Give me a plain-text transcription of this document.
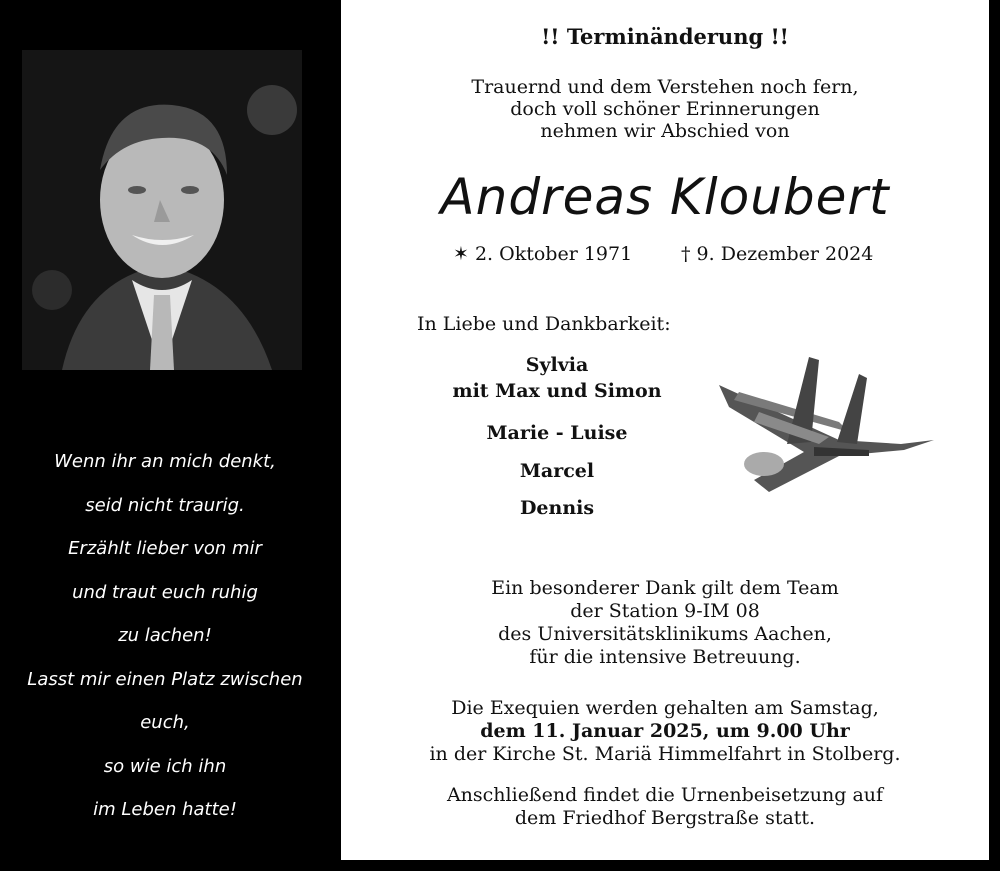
Wenn ihr an mich denkt,
seid nicht traurig.
Erzählt lieber von mir
und traut euch ruhig
zu lachen!
Lasst mir einen Platz zwischen
euch,
so wie ich ihn
im Leben hatte!
!! Terminänderung !!
Trauernd und dem Verstehen noch fern,
doch voll schöner Erinnerungen
nehmen wir Abschied von
Andreas Kloubert
✶ 2. Oktober 1971	† 9. Dezember 2024
In Liebe und Dankbarkeit:
Sylvia
mit Max und Simon
Marie - Luise
Marcel
Dennis
Ein besonderer Dank gilt dem Team
der Station 9-IM 08
des Universitätsklinikums Aachen,
für die intensive Betreuung.
Die Exequien werden gehalten am Samstag,
dem 11. Januar 2025, um 9.00 Uhr
in der Kirche St. Mariä Himmelfahrt in Stolberg.
Anschließend findet die Urnenbeisetzung auf
dem Friedhof Bergstraße statt.
